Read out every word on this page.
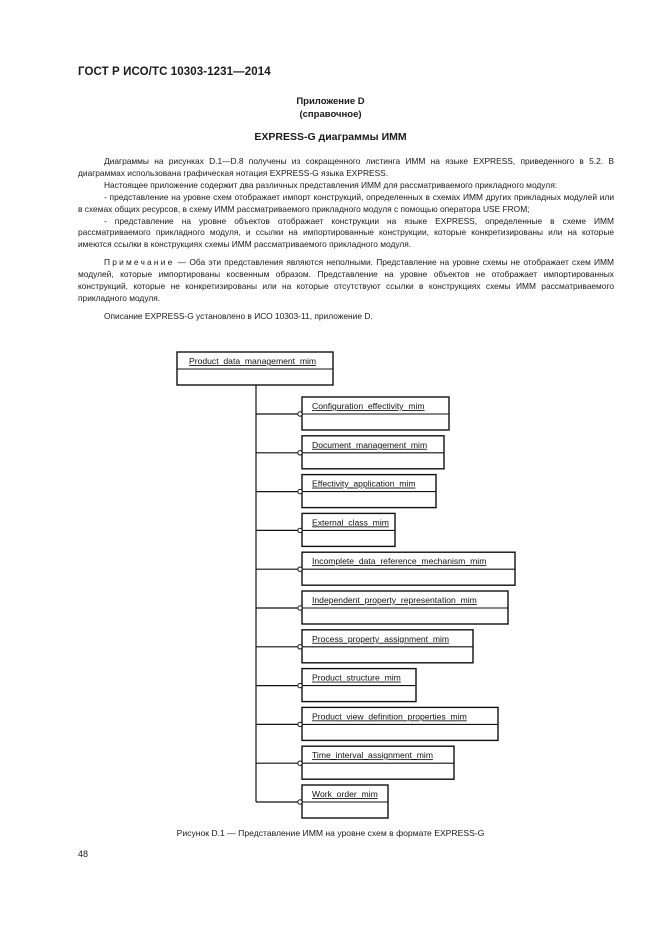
ГОСТ Р ИСО/ТС 10303-1231—2014
Приложение D
(справочное)
EXPRESS-G диаграммы ИММ

Диаграммы на рисунках D.1—D.8 получены из сокращенного листинга ИММ на языке EXPRESS, приведенного в 5.2. В диаграммах использована графическая нотация EXPRESS-G языка EXPRESS.

Настоящее приложение содержит два различных представления ИММ для рассматриваемого прикладного модуля:

- представление на уровне схем отображает импорт конструкций, определенных в схемах ИММ других прикладных модулей или в схемах общих ресурсов, в схему ИММ рассматриваемого прикладного модуля с помощью оператора USE FROM;

- представление на уровне объектов отображает конструкции на языке EXPRESS, определенные в схеме ИММ рассматриваемого прикладного модуля, и ссылки на импортированные конструкции, которые конкретизированы или на которые имеются ссылки в конструкциях схемы ИММ рассматриваемого прикладного модуля.

Примечание — Оба эти представления являются неполными. Представление на уровне схемы не отображает схем ИММ модулей, которые импортированы косвенным образом. Представление на уровне объектов не отображает импортированных конструкций, которые не конкретизированы или на которые отсутствуют ссылки в конструкциях схемы ИММ рассматриваемого прикладного модуля.

Описание EXPRESS-G установлено в ИСО 10303-11, приложение D.

Product_data_management_mim
Configuration_effectivity_mim
Document_management_mim
Effectivity_application_mim
External_class_mim
Incomplete_data_reference_mechanism_mim
Independent_property_representation_mim
Process_property_assignment_mim
Product_structure_mim
Product_view_definition_properties_mim
Time_interval_assignment_mim
Work_order_mim
Рисунок D.1 — Представление ИММ на уровне схем в формате EXPRESS-G
48
